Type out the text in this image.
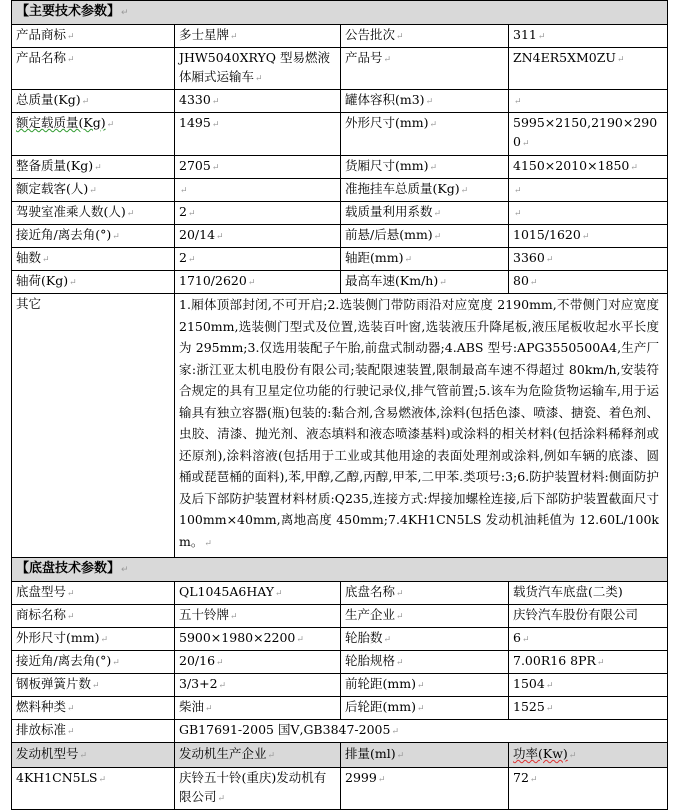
【主要技术参数】↵			
产品商标↵	多士星牌↵	公告批次↵	311↵
产品名称↵	JHW5040XRYQ 型易燃液体厢式运输车↵	产品号↵	ZN4ER5XM0ZU↵
总质量(Kg)↵	4330↵	罐体容积(m3)↵	↵
额定载质量(Kg)↵	1495↵	外形尺寸(mm)↵	5995×2150,2190×2900↵
整备质量(Kg)↵	2705↵	货厢尺寸(mm)↵	4150×2010×1850↵
额定载客(人)↵	↵	准拖挂车总质量(Kg)↵	↵
驾驶室准乘人数(人)↵	2↵	载质量利用系数↵	↵
接近角/离去角(°)↵	20/14↵	前悬/后悬(mm)↵	1015/1620↵
轴数↵	2↵	轴距(mm)↵	3360↵
轴荷(Kg)↵	1710/2620↵	最高车速(Km/h)↵	80↵
其它	1.厢体顶部封闭,不可开启;2.选装侧门带防雨沿对应宽度 2190mm,不带侧门对应宽度 2150mm,选装侧门型式及位置,选装百叶窗,选装液压升降尾板,液压尾板收起水平长度为 295mm;3.仅选用装配子午胎,前盘式制动器;4.ABS 型号:APG3550500A4,生产厂家:浙江亚太机电股份有限公司;装配限速装置,限制最高车速不得超过 80km/h,安装符合规定的具有卫星定位功能的行驶记录仪,排气管前置;5.该车为危险货物运输车,用于运输具有独立容器(瓶)包装的:黏合剂,含易燃液体,涂料(包括色漆、喷漆、搪瓷、着色剂、虫胶、清漆、抛光剂、液态填料和液态喷漆基料)或涂料的相关材料(包括涂料稀释剂或还原剂),涂料溶液(包括用于工业或其他用途的表面处理剂或涂料,例如车辆的底漆、圆桶或琵琶桶的面料),苯,甲醇,乙醇,丙醇,甲苯,二甲苯.类项号:3;6.防护装置材料:侧面防护及后下部防护装置材料材质:Q235,连接方式:焊接加螺栓连接,后下部防护装置截面尺寸 100mm×40mm,离地高度 450mm;7.4KH1CN5LS 发动机油耗值为 12.60L/100km。↵		
【底盘技术参数】↵			
底盘型号↵	QL1045A6HAY↵	底盘名称↵	载货汽车底盘(二类)
商标名称↵	五十铃牌↵	生产企业↵	庆铃汽车股份有限公司
外形尺寸(mm)↵	5900×1980×2200↵	轮胎数↵	6↵
接近角/离去角(°)↵	20/16↵	轮胎规格↵	7.00R16 8PR↵
钢板弹簧片数↵	3/3+2↵	前轮距(mm)↵	1504↵
燃料种类↵	柴油↵	后轮距(mm)↵	1525↵
排放标准↵	GB17691-2005 国Ⅴ,GB3847-2005↵		
发动机型号↵	发动机生产企业↵	排量(ml)↵	功率(Kw)↵
4KH1CN5LS↵	庆铃五十铃(重庆)发动机有限公司↵	2999↵	72↵
